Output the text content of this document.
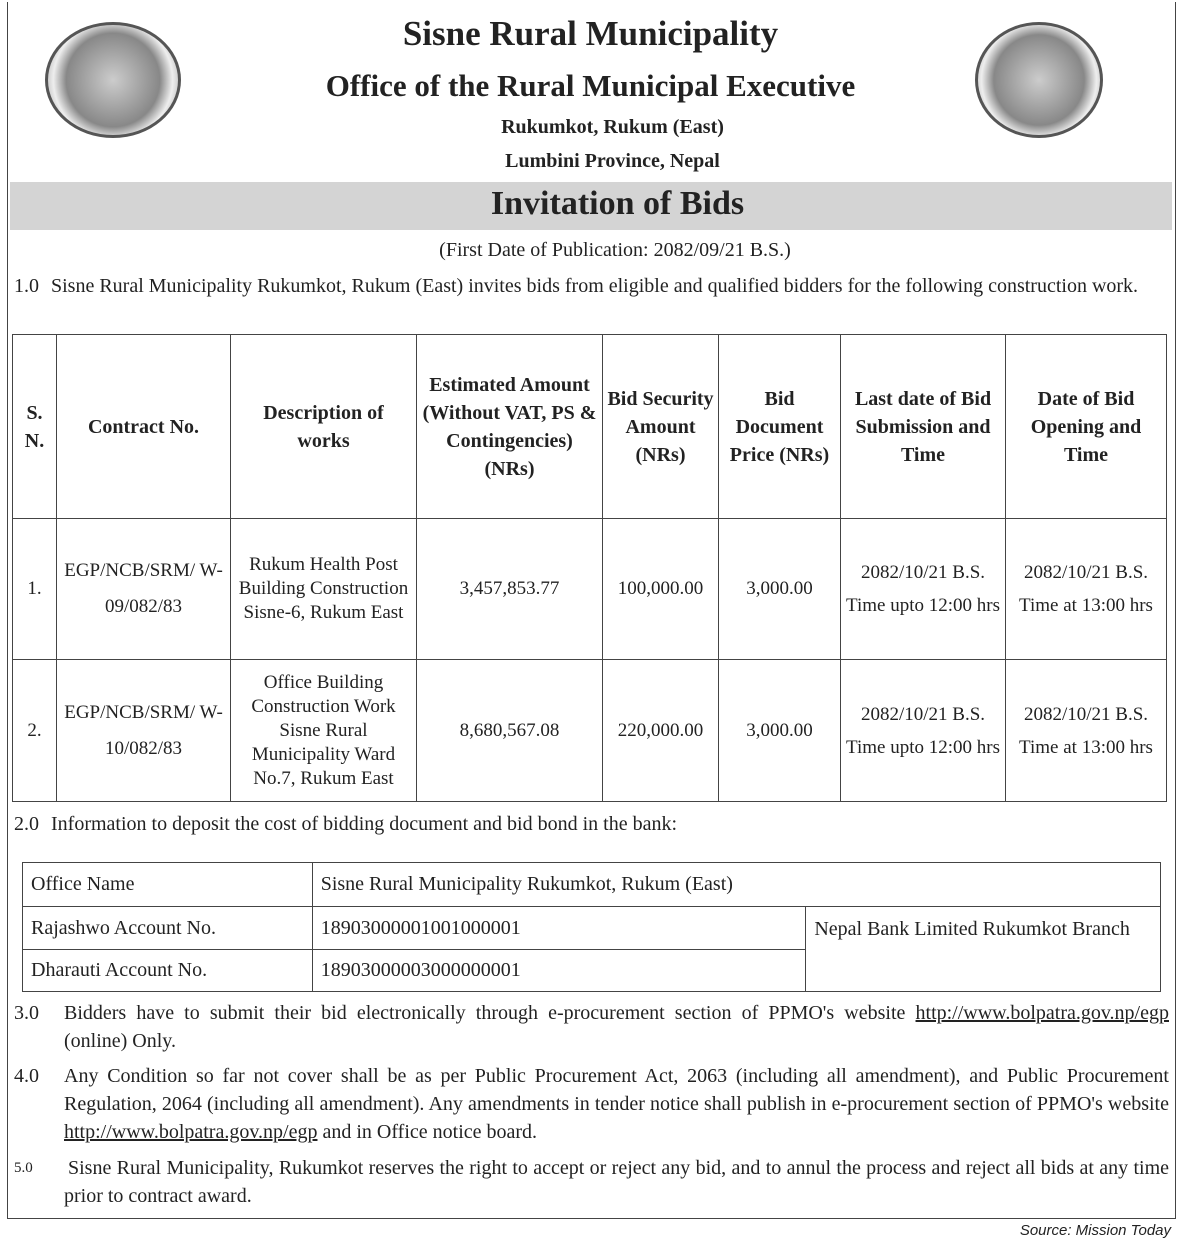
Sisne Rural Municipality
Office of the Rural Municipal Executive
Rukumkot, Rukum (East)
Lumbini Province, Nepal
Invitation of Bids
(First Date of Publication: 2082/09/21 B.S.)
1.0 Sisne Rural Municipality Rukumkot, Rukum (East) invites bids from eligible and qualified bidders for the following construction work.
S. N.	Contract No.	Description of works	Estimated Amount (Without VAT, PS & Contingencies) (NRs)	Bid Security Amount (NRs)	Bid Document Price (NRs)	Last date of Bid Submission and Time	Date of Bid Opening and Time
1.	EGP/NCB/SRM/ W-09/082/83	Rukum Health Post Building Construction Sisne-6, Rukum East	3,457,853.77	100,000.00	3,000.00	2082/10/21 B.S. Time upto 12:00 hrs	2082/10/21 B.S. Time at 13:00 hrs
2.	EGP/NCB/SRM/ W-10/082/83	Office Building Construction Work Sisne Rural Municipality Ward No.7, Rukum East	8,680,567.08	220,000.00	3,000.00	2082/10/21 B.S. Time upto 12:00 hrs	2082/10/21 B.S. Time at 13:00 hrs
2.0 Information to deposit the cost of bidding document and bid bond in the bank:
Office Name	Sisne Rural Municipality Rukumkot, Rukum (East)	
Rajashwo Account No.	18903000001001000001	Nepal Bank Limited Rukumkot Branch
Dharauti Account No.	18903000003000000001	
3.0 Bidders have to submit their bid electronically through e-procurement section of PPMO's website http://www.bolpatra.gov.np/egp (online) Only.
4.0 Any Condition so far not cover shall be as per Public Procurement Act, 2063 (including all amendment), and Public Procurement Regulation, 2064 (including all amendment). Any amendments in tender notice shall publish in e-procurement section of PPMO's website http://www.bolpatra.gov.np/egp and in Office notice board.
5.0 Sisne Rural Municipality, Rukumkot reserves the right to accept or reject any bid, and to annul the process and reject all bids at any time prior to contract award.
Source: Mission Today
